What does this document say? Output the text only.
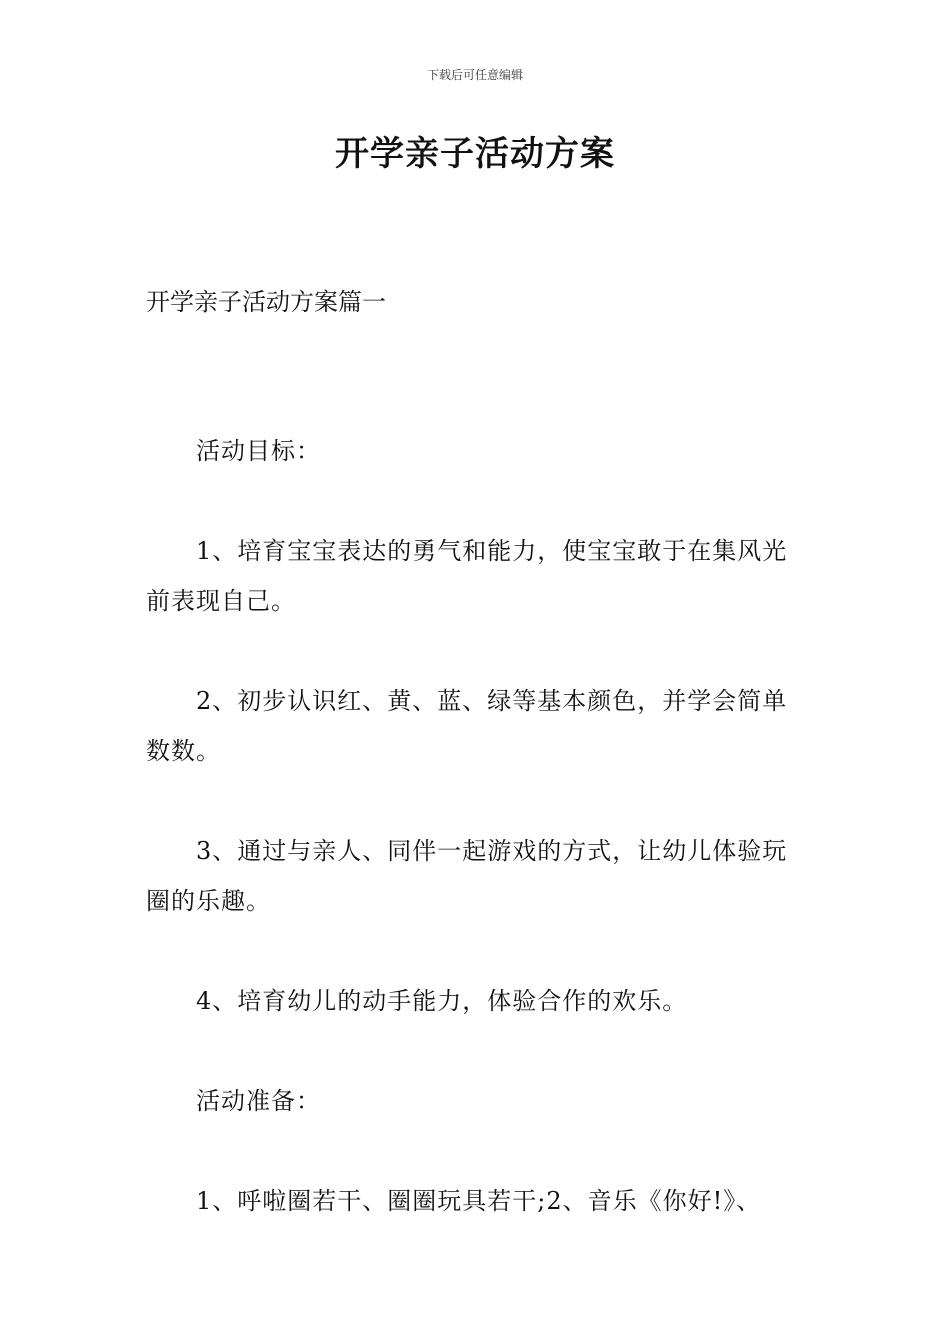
下载后可任意编辑
开学亲子活动方案
开学亲子活动方案篇一

活动目标：

1、培育宝宝表达的勇气和能力，使宝宝敢于在集风光前表现自己。

2、初步认识红、黄、蓝、绿等基本颜色，并学会简单数数。

3、通过与亲人、同伴一起游戏的方式，让幼儿体验玩圈的乐趣。

4、培育幼儿的动手能力，体验合作的欢乐。

活动准备：

1、呼啦圈若干、圈圈玩具若干;2、音乐《你好!》、
